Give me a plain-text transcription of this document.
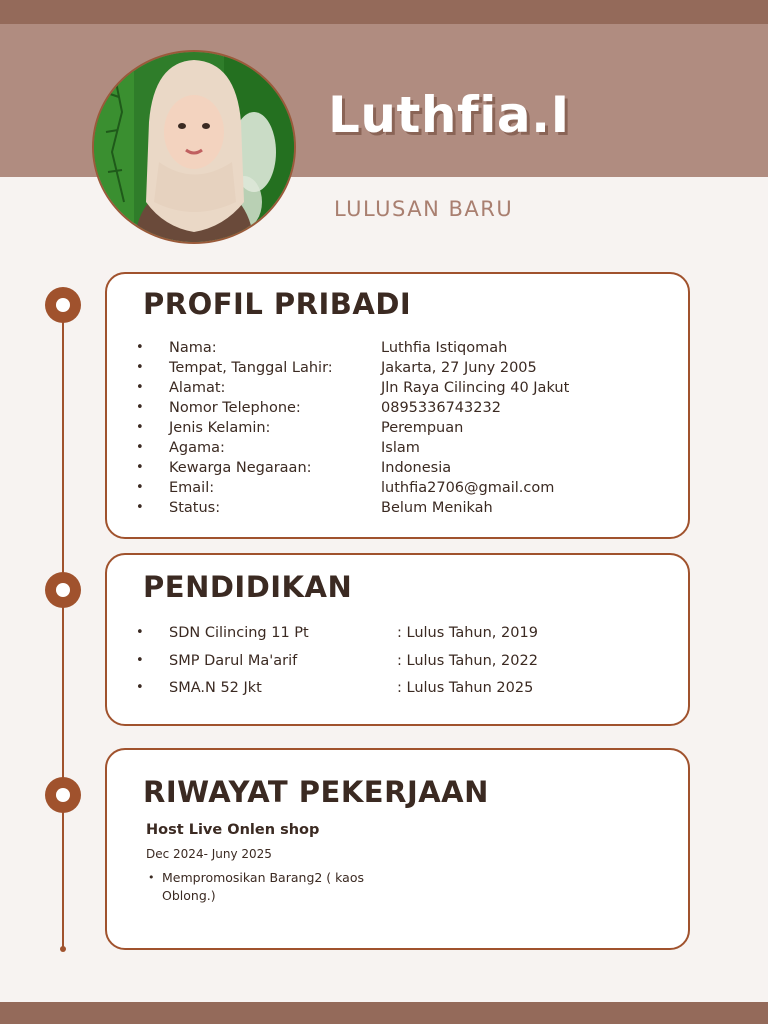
Luthfia.I

LULUSAN BARU

PROFIL PRIBADI
Nama:	Luthfia Istiqomah
Tempat, Tanggal Lahir:	Jakarta, 27 Juny 2005
Alamat:	Jln Raya Cilincing 40 Jakut
Nomor Telephone:	0895336743232
Jenis Kelamin:	Perempuan
Agama:	Islam
Kewarga Negaraan:	Indonesia
Email:	luthfia2706@gmail.com
Status:	Belum Menikah
PENDIDIKAN
SDN Cilincing 11 Pt	: Lulus Tahun, 2019
SMP Darul Ma'arif	: Lulus Tahun, 2022
SMA.N 52 Jkt	: Lulus Tahun 2025
RIWAYAT PEKERJAAN

Host Live Onlen shop

Dec 2024- Juny 2025

• Mempromosikan Barang2 ( kaos Oblong.)
